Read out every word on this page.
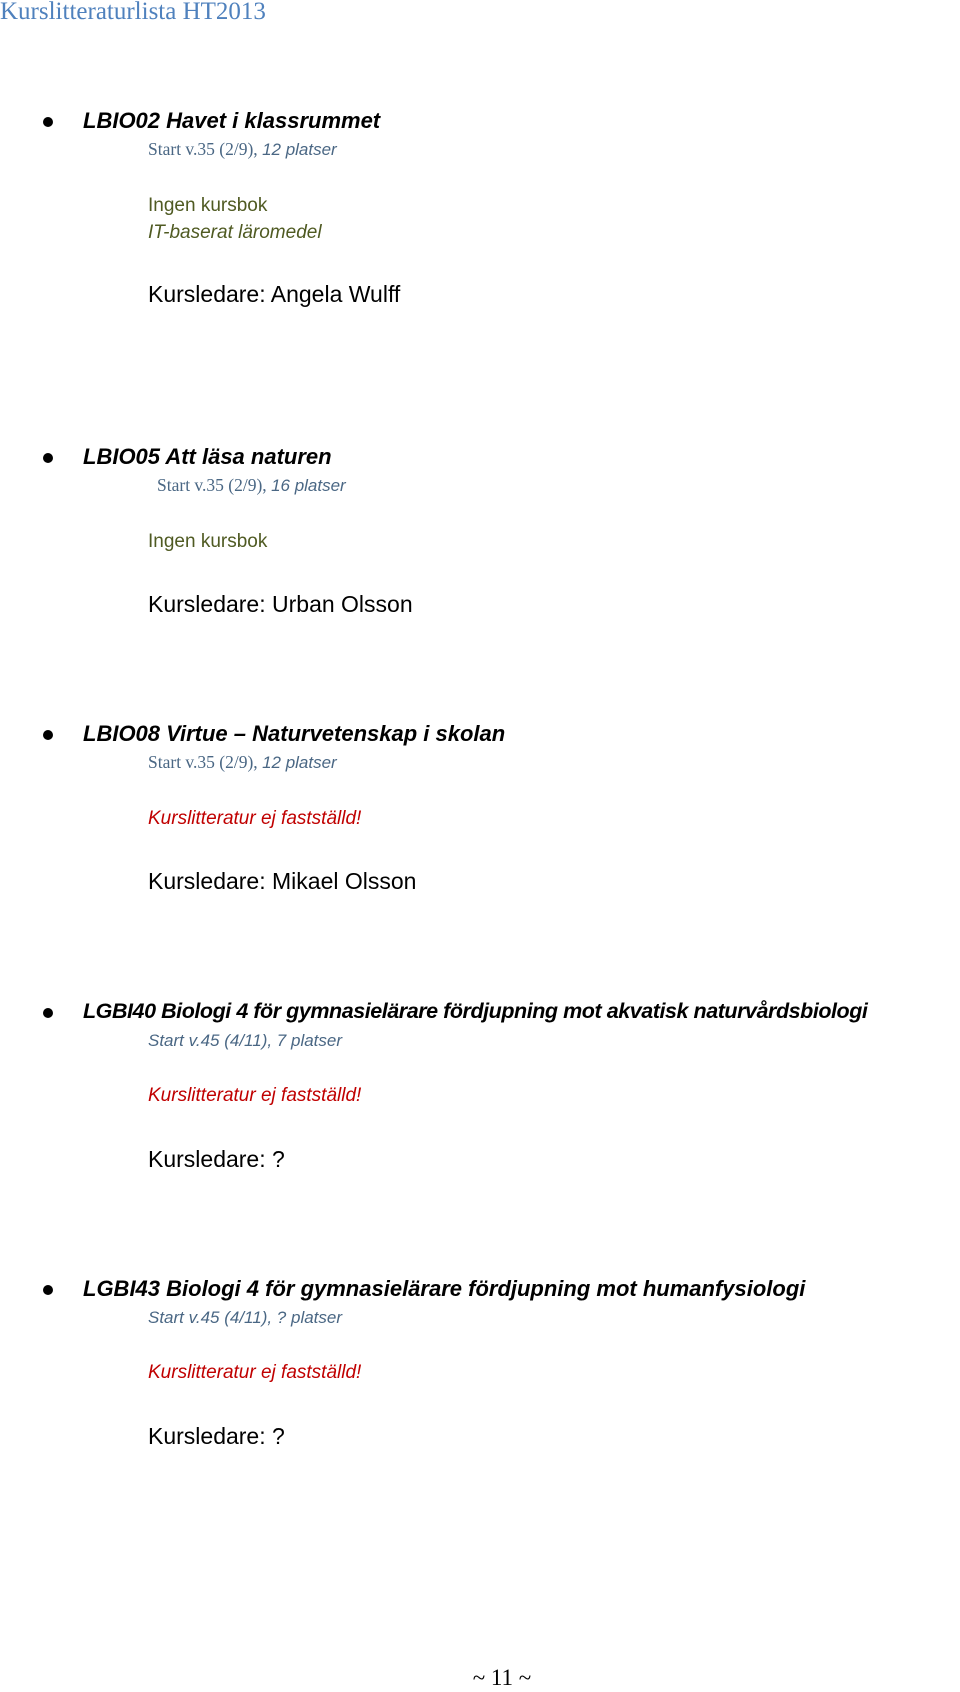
Kurslitteraturlista HT2013
LBIO02 Havet i klassrummet
Start v.35 (2/9), 12 platser
Ingen kursbok
IT-baserat läromedel
Kursledare: Angela Wulff
LBIO05 Att läsa naturen
Start v.35 (2/9), 16 platser
Ingen kursbok
Kursledare: Urban Olsson
LBIO08 Virtue – Naturvetenskap i skolan
Start v.35 (2/9), 12 platser
Kurslitteratur ej fastställd!
Kursledare: Mikael Olsson
LGBI40 Biologi 4 för gymnasielärare fördjupning mot akvatisk naturvårdsbiologi
Start v.45 (4/11), 7 platser
Kurslitteratur ej fastställd!
Kursledare: ?
LGBI43 Biologi 4 för gymnasielärare fördjupning mot humanfysiologi
Start v.45 (4/11), ? platser
Kurslitteratur ej fastställd!
Kursledare: ?
~ 11 ~
